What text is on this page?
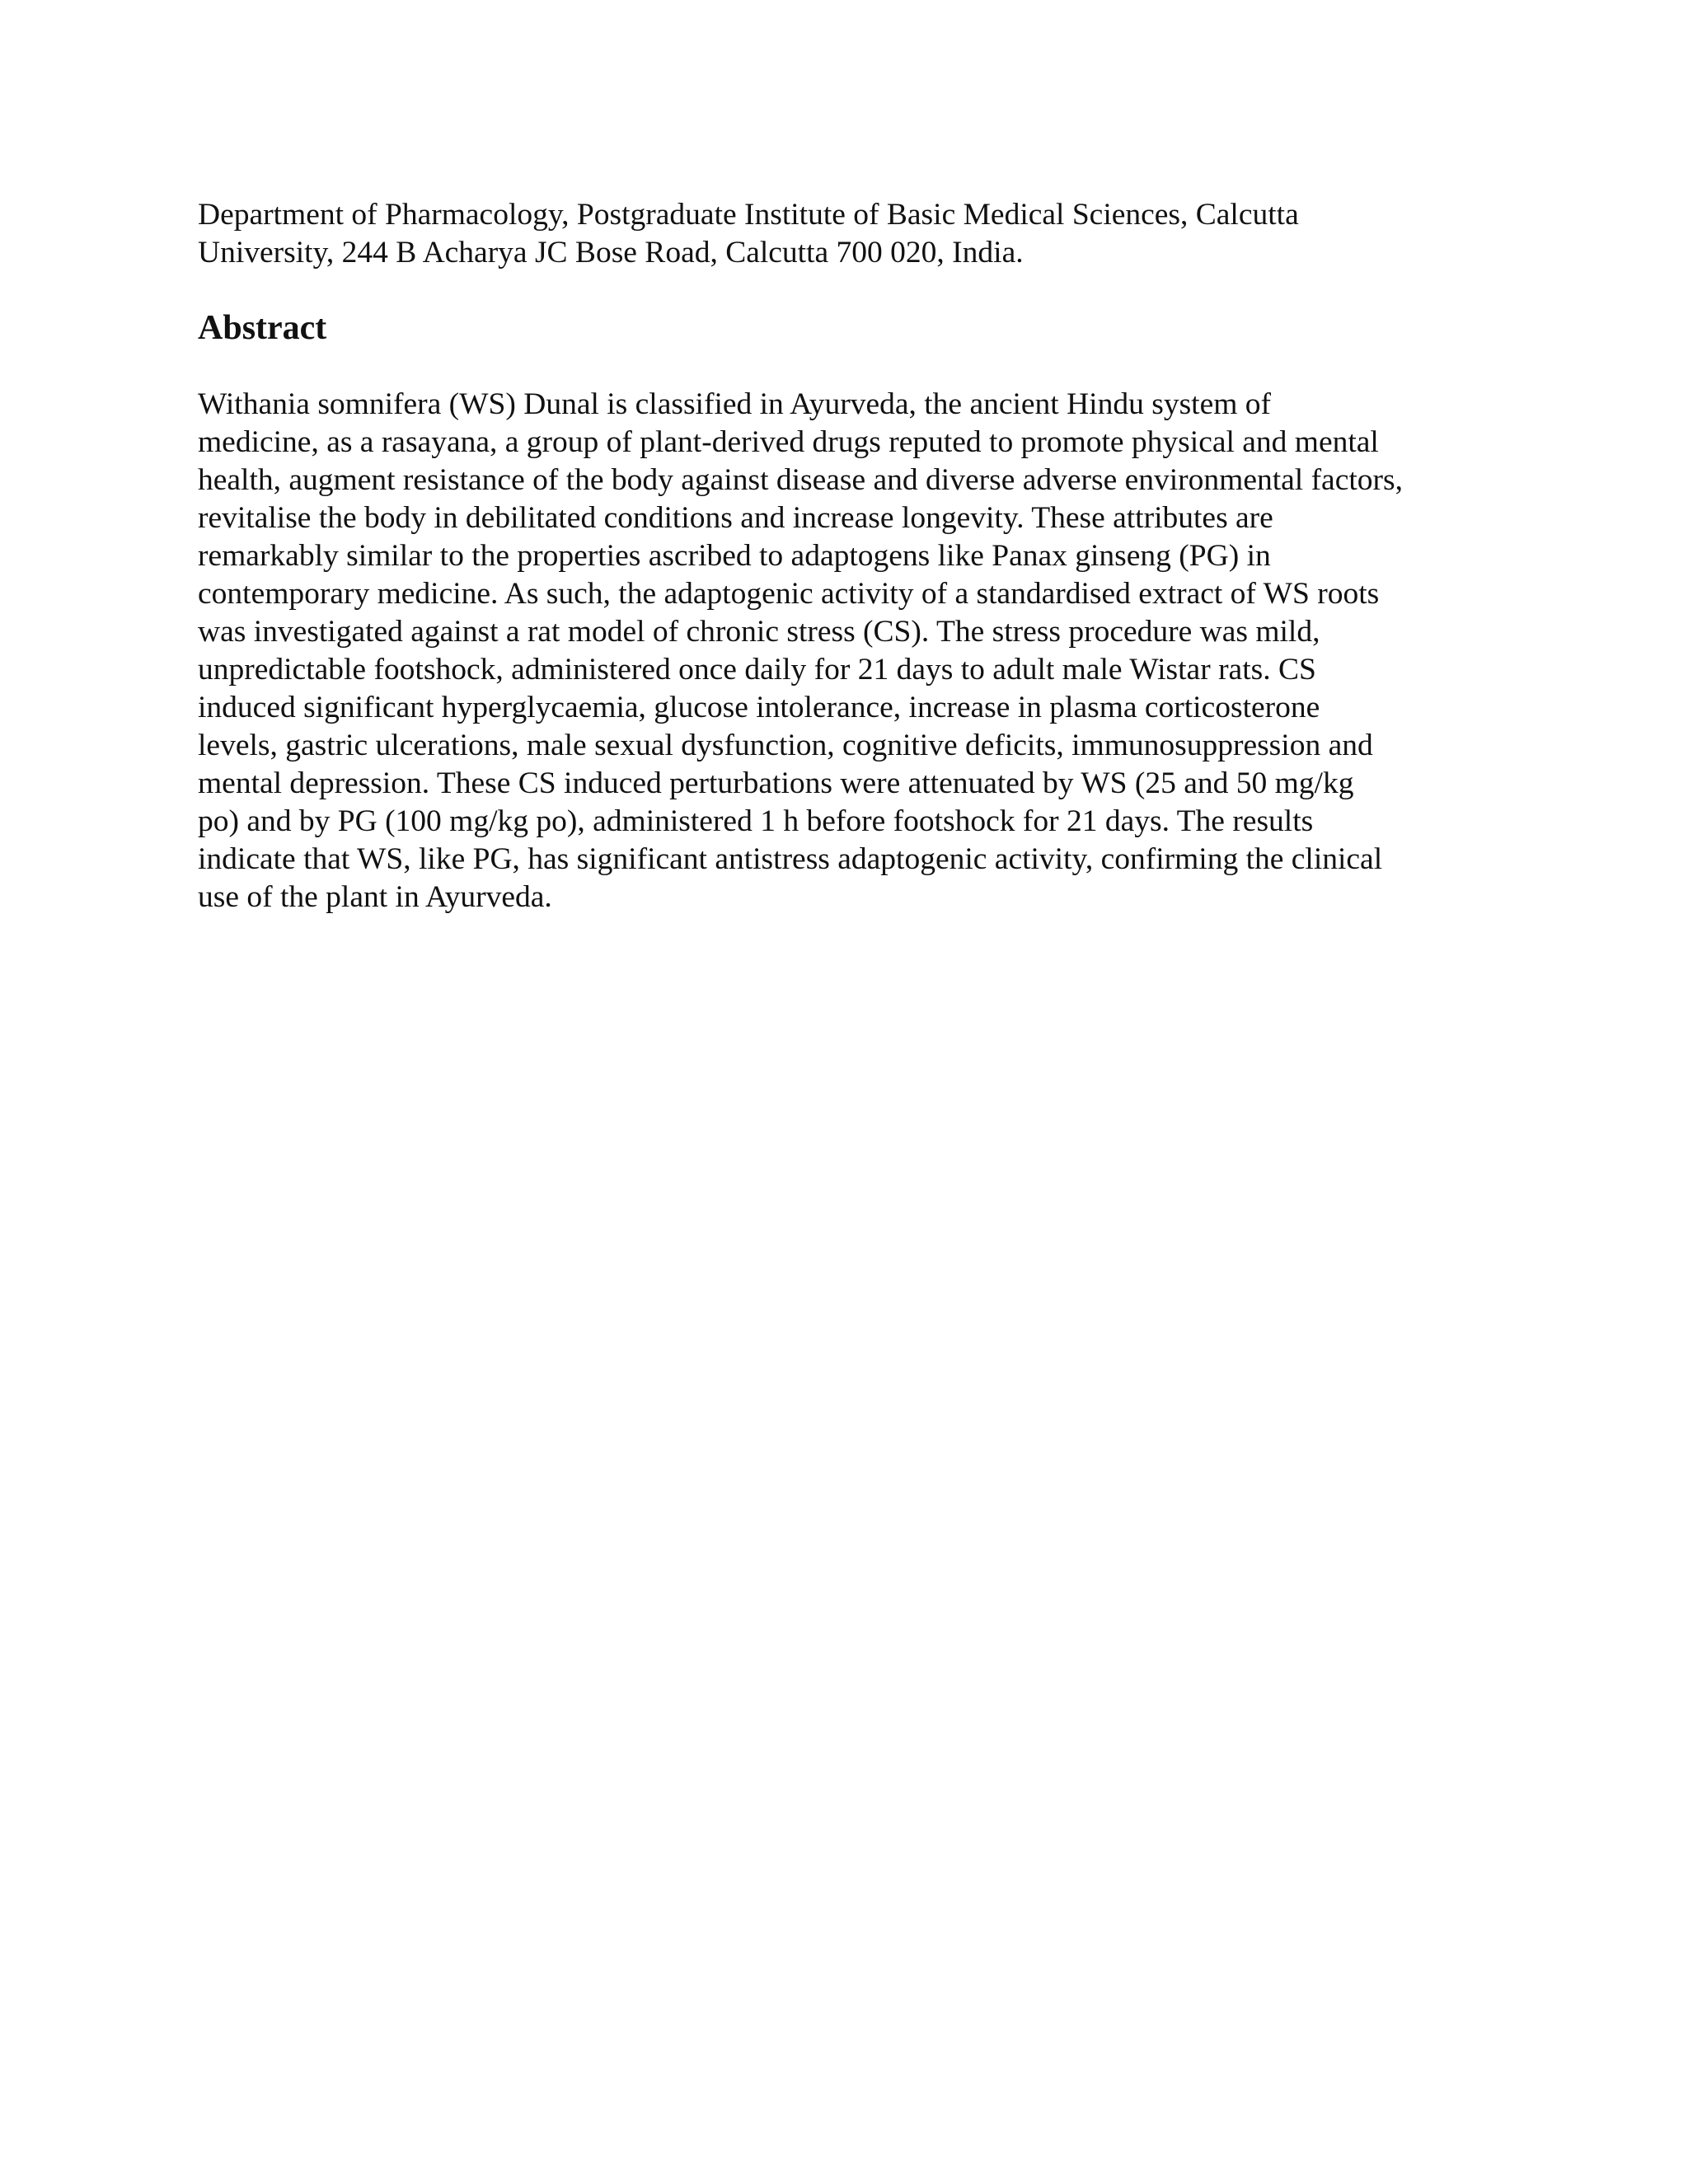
Department of Pharmacology, Postgraduate Institute of Basic Medical Sciences, Calcutta
University, 244 B Acharya JC Bose Road, Calcutta 700 020, India.

Abstract

Withania somnifera (WS) Dunal is classified in Ayurveda, the ancient Hindu system of
medicine, as a rasayana, a group of plant-derived drugs reputed to promote physical and mental
health, augment resistance of the body against disease and diverse adverse environmental factors,
revitalise the body in debilitated conditions and increase longevity. These attributes are
remarkably similar to the properties ascribed to adaptogens like Panax ginseng (PG) in
contemporary medicine. As such, the adaptogenic activity of a standardised extract of WS roots
was investigated against a rat model of chronic stress (CS). The stress procedure was mild,
unpredictable footshock, administered once daily for 21 days to adult male Wistar rats. CS
induced significant hyperglycaemia, glucose intolerance, increase in plasma corticosterone
levels, gastric ulcerations, male sexual dysfunction, cognitive deficits, immunosuppression and
mental depression. These CS induced perturbations were attenuated by WS (25 and 50 mg/kg
po) and by PG (100 mg/kg po), administered 1 h before footshock for 21 days. The results
indicate that WS, like PG, has significant antistress adaptogenic activity, confirming the clinical
use of the plant in Ayurveda.
